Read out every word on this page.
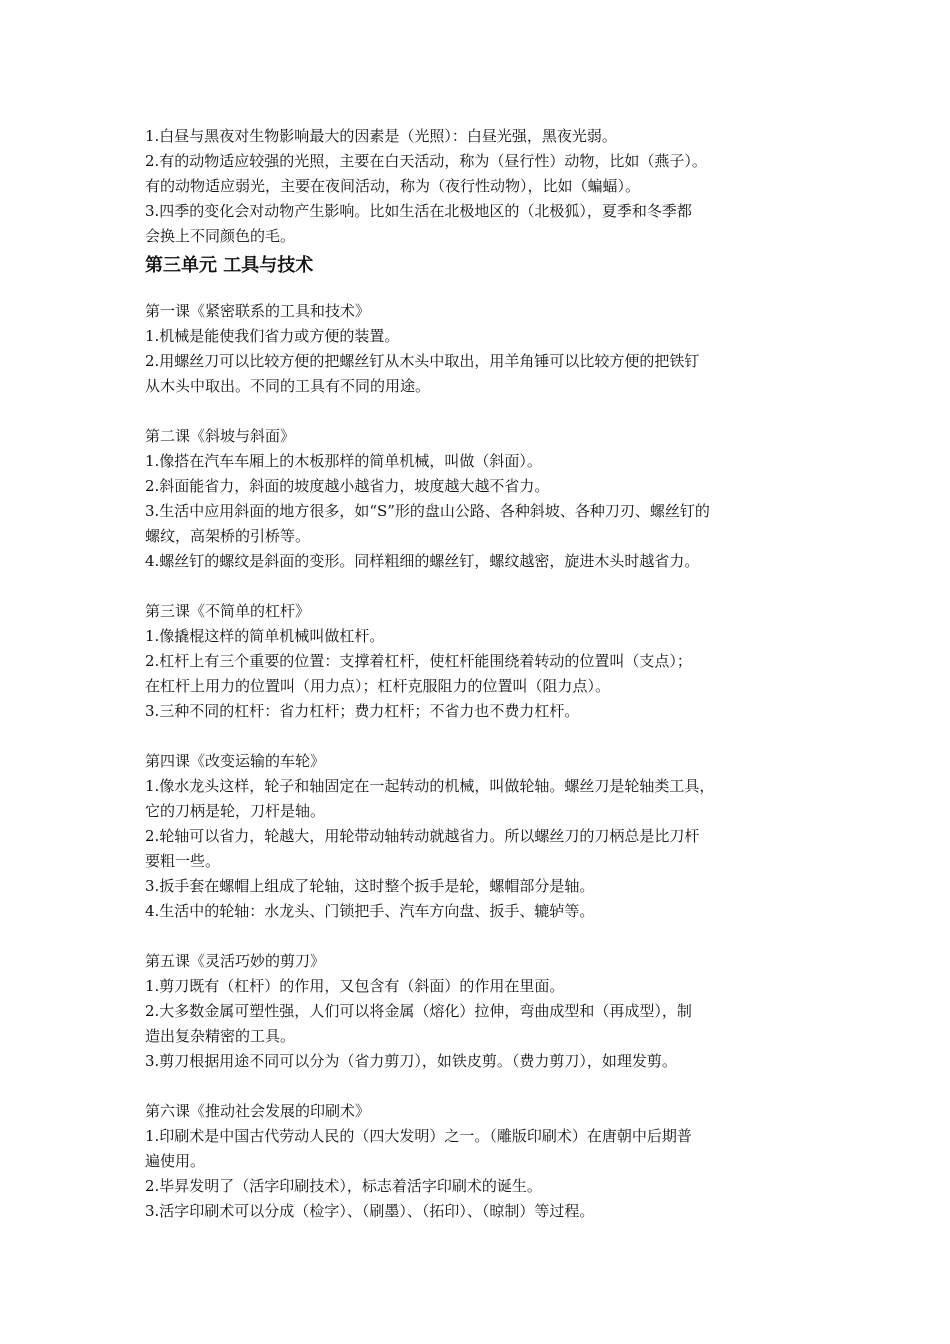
1.白昼与黑夜对生物影响最大的因素是（光照）：白昼光强，黑夜光弱。

2.有的动物适应较强的光照，主要在白天活动，称为（昼行性）动物，比如（燕子）。

有的动物适应弱光，主要在夜间活动，称为（夜行性动物），比如（蝙蝠）。

3.四季的变化会对动物产生影响。比如生活在北极地区的（北极狐），夏季和冬季都

会换上不同颜色的毛。

第三单元 工具与技术

第一课《紧密联系的工具和技术》

1.机械是能使我们省力或方便的装置。

2.用螺丝刀可以比较方便的把螺丝钉从木头中取出，用羊角锤可以比较方便的把铁钉

从木头中取出。不同的工具有不同的用途。

第二课《斜坡与斜面》

1.像搭在汽车车厢上的木板那样的简单机械，叫做（斜面）。

2.斜面能省力，斜面的坡度越小越省力，坡度越大越不省力。

3.生活中应用斜面的地方很多，如“S”形的盘山公路、各种斜坡、各种刀刃、螺丝钉的

螺纹，高架桥的引桥等。

4.螺丝钉的螺纹是斜面的变形。同样粗细的螺丝钉，螺纹越密，旋进木头时越省力。

第三课《不简单的杠杆》

1.像撬棍这样的简单机械叫做杠杆。

2.杠杆上有三个重要的位置：支撑着杠杆，使杠杆能围绕着转动的位置叫（支点）；

在杠杆上用力的位置叫（用力点）；杠杆克服阻力的位置叫（阻力点）。

3.三种不同的杠杆：省力杠杆；费力杠杆；不省力也不费力杠杆。

第四课《改变运输的车轮》

1.像水龙头这样，轮子和轴固定在一起转动的机械，叫做轮轴。螺丝刀是轮轴类工具，

它的刀柄是轮，刀杆是轴。

2.轮轴可以省力，轮越大，用轮带动轴转动就越省力。所以螺丝刀的刀柄总是比刀杆

要粗一些。

3.扳手套在螺帽上组成了轮轴，这时整个扳手是轮，螺帽部分是轴。

4.生活中的轮轴：水龙头、门锁把手、汽车方向盘、扳手、辘轳等。

第五课《灵活巧妙的剪刀》

1.剪刀既有（杠杆）的作用，又包含有（斜面）的作用在里面。

2.大多数金属可塑性强，人们可以将金属（熔化）拉伸，弯曲成型和（再成型），制

造出复杂精密的工具。

3.剪刀根据用途不同可以分为（省力剪刀），如铁皮剪。（费力剪刀），如理发剪。

第六课《推动社会发展的印刷术》

1.印刷术是中国古代劳动人民的（四大发明）之一。（雕版印刷术）在唐朝中后期普

遍使用。

2.毕昇发明了（活字印刷技术），标志着活字印刷术的诞生。

3.活字印刷术可以分成（检字）、（刷墨）、（拓印）、（晾制）等过程。
